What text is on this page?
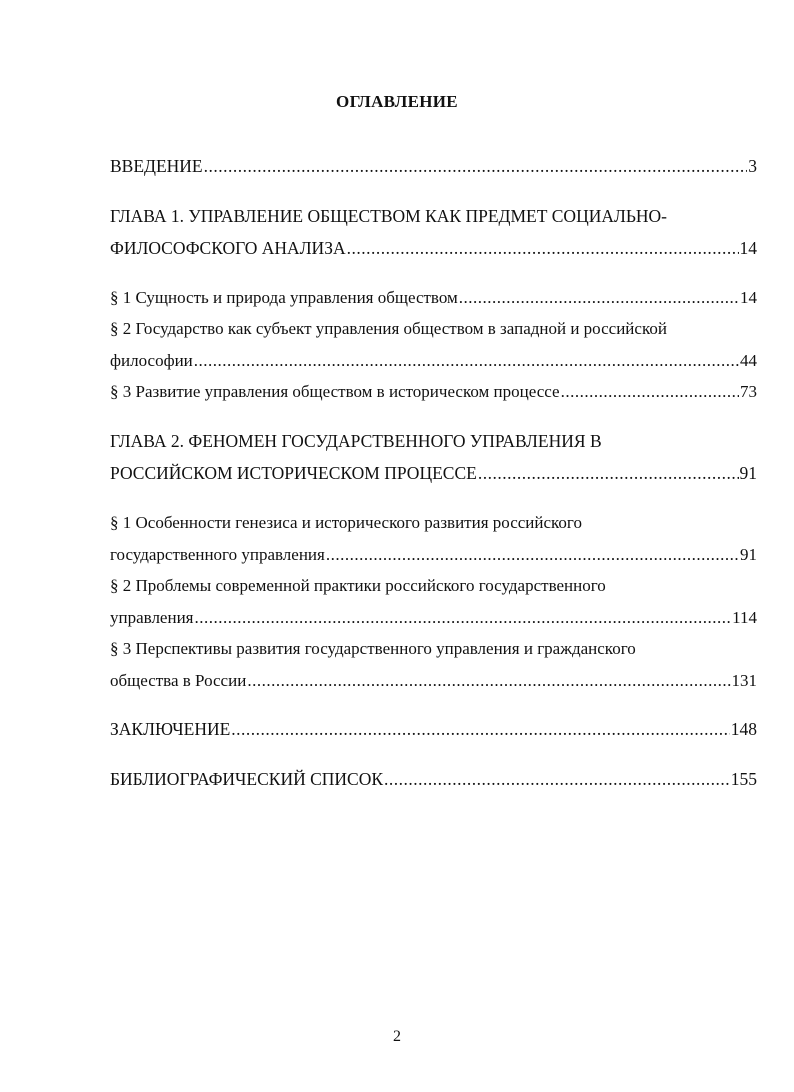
ОГЛАВЛЕНИЕ
ВВЕДЕНИЕ .....	3
ГЛАВА 1. УПРАВЛЕНИЕ ОБЩЕСТВОМ КАК ПРЕДМЕТ СОЦИАЛЬНО-
ФИЛОСОФСКОГО АНАЛИЗА .....	14
§ 1 Сущность и природа управления обществом .....	14
§ 2 Государство как субъект управления обществом в западной и российской
философии .....	44
§ 3 Развитие управления обществом в историческом процессе .....	73
ГЛАВА 2. ФЕНОМЕН ГОСУДАРСТВЕННОГО УПРАВЛЕНИЯ В
РОССИЙСКОМ ИСТОРИЧЕСКОМ ПРОЦЕССЕ .....	91
§ 1 Особенности генезиса и исторического развития российского
государственного управления .....	91
§ 2 Проблемы современной практики российского государственного
управления .....	114
§ 3 Перспективы развития государственного управления и гражданского
общества в России .....	131
ЗАКЛЮЧЕНИЕ .....	148
БИБЛИОГРАФИЧЕСКИЙ СПИСОК .....	155
2
